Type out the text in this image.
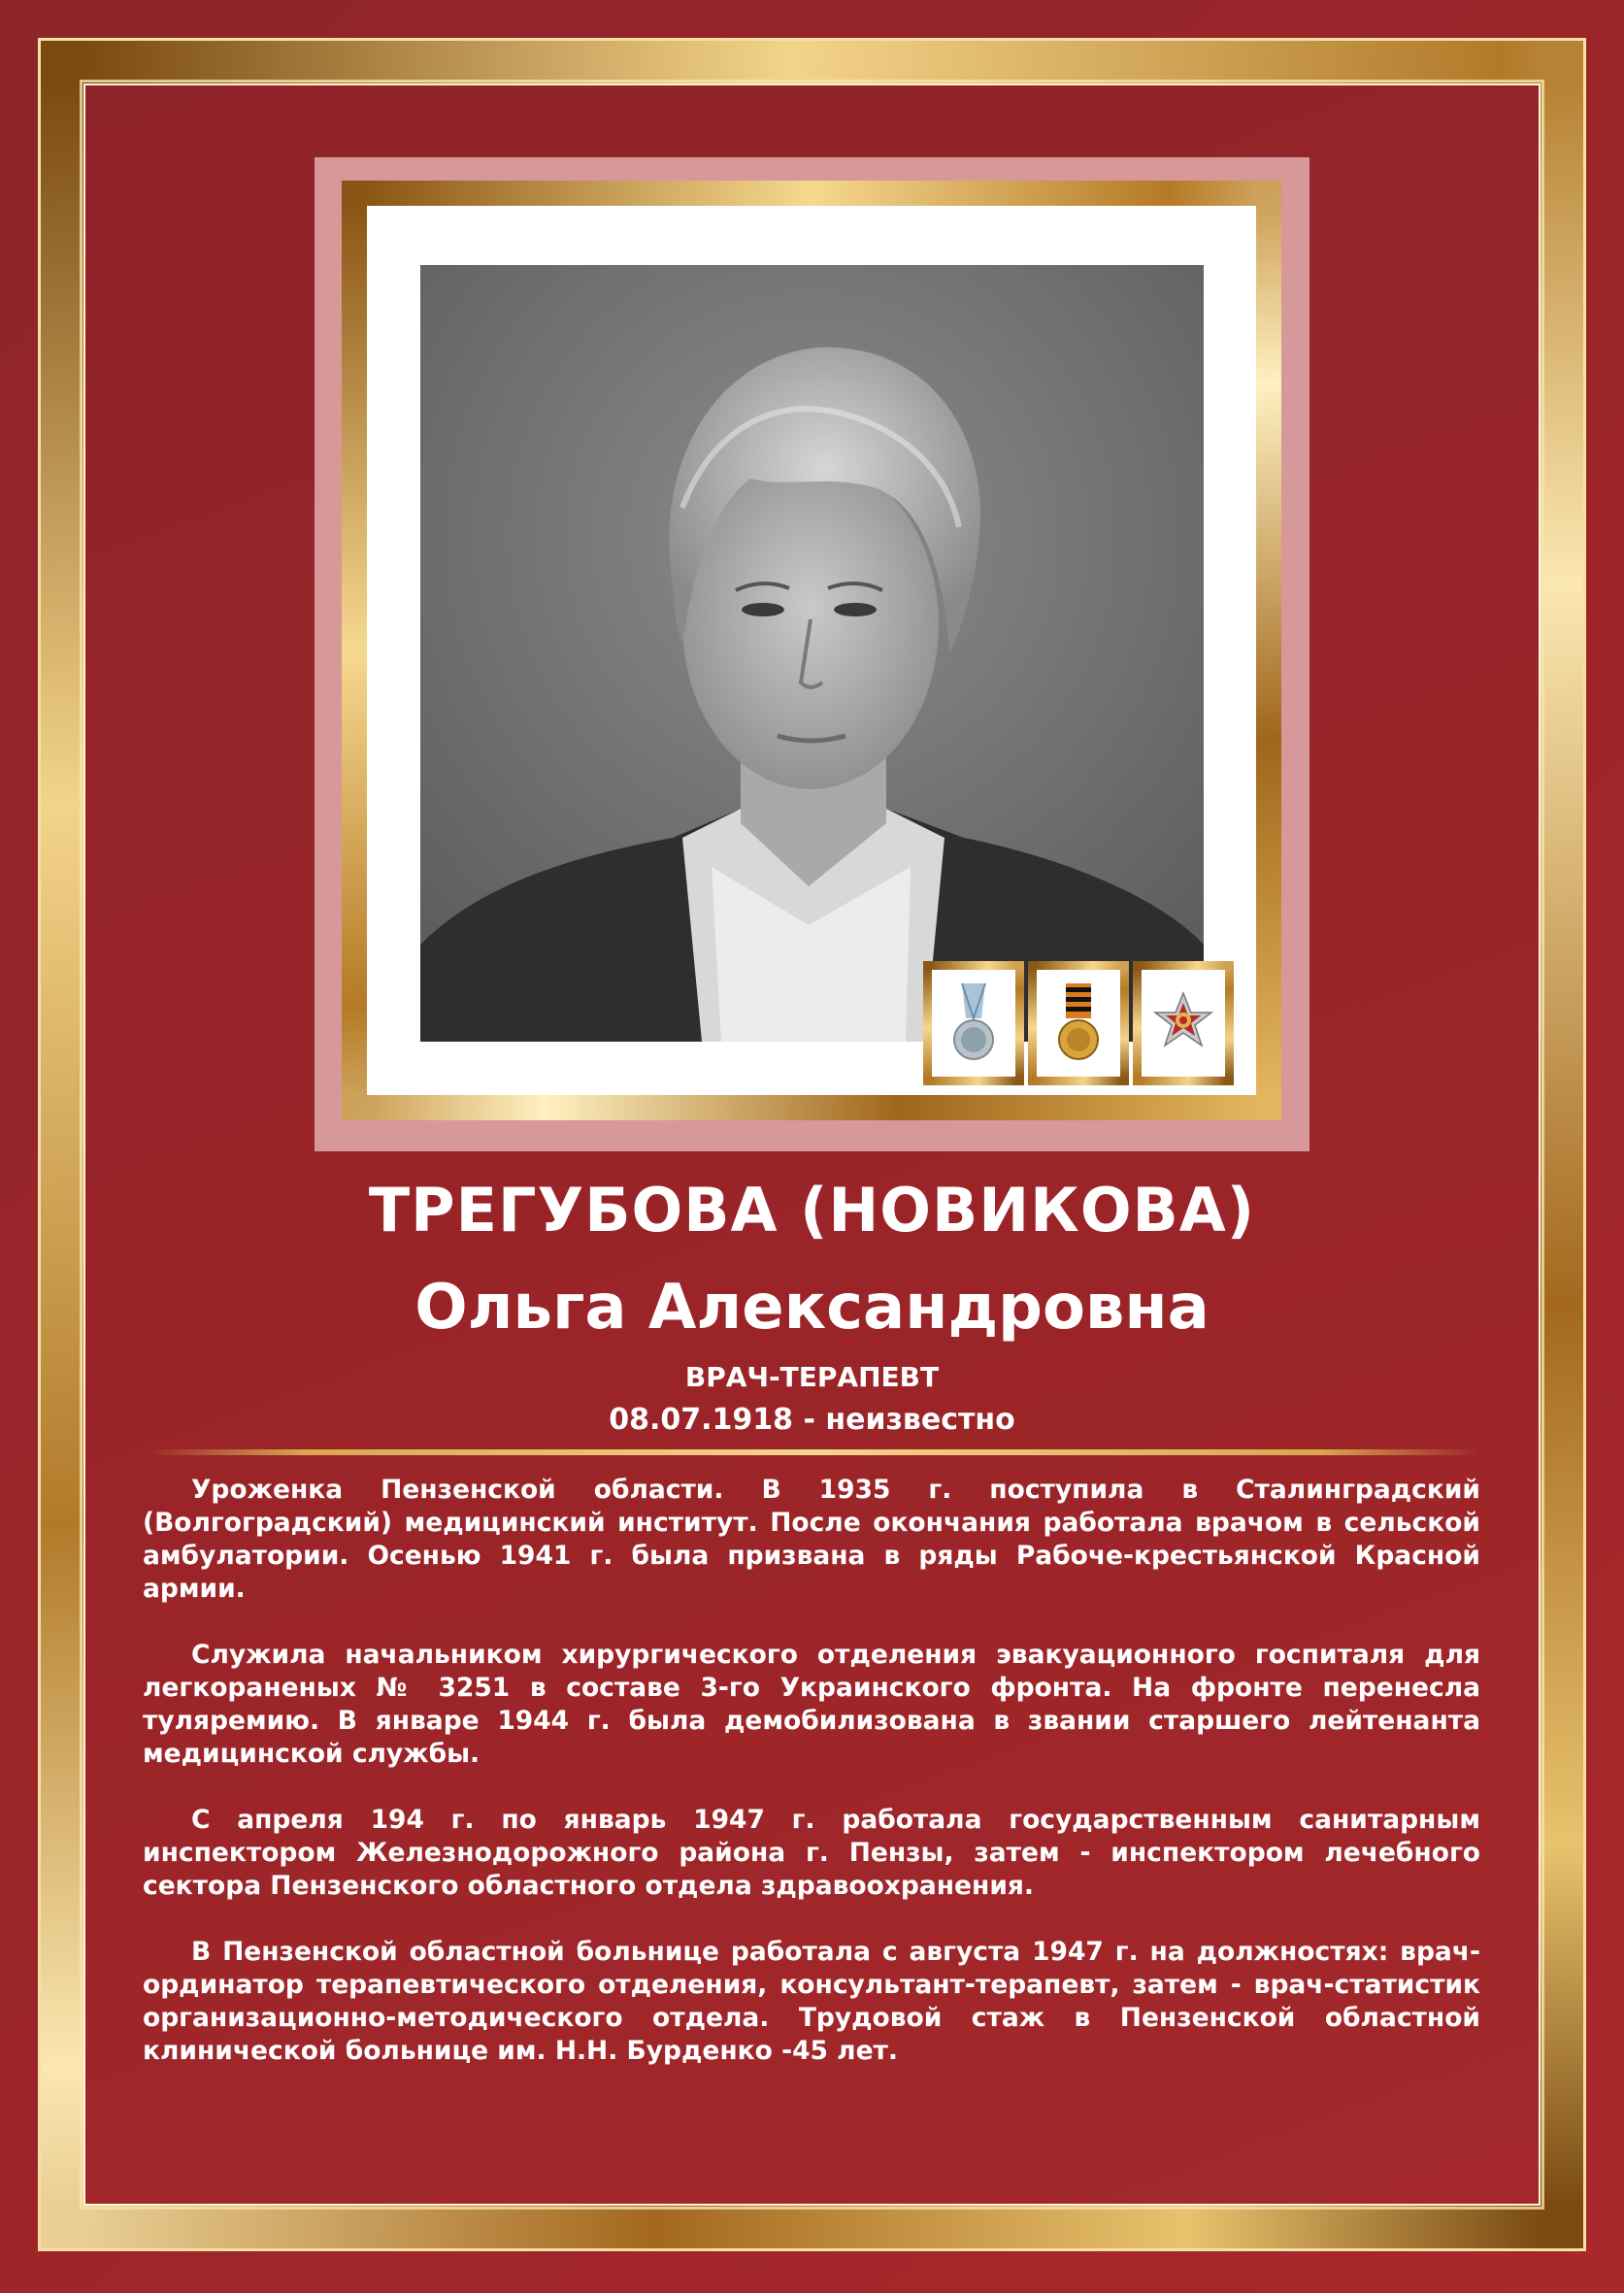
ТРЕГУБОВА (НОВИКОВА)
Ольга Александровна
ВРАЧ-ТЕРАПЕВТ
08.07.1918 - неизвестно

Уроженка Пензенской области. В 1935 г. поступила в Сталинградский (Волгоградский) медицинский институт. После окончания работала врачом в сельской амбулатории. Осенью 1941 г. была призвана в ряды Рабоче-крестьянской Красной армии.

Служила начальником хирургического отделения эвакуационного госпиталя для легкораненых № 3251 в составе 3-го Украинского фронта. На фронте перенесла туляремию. В январе 1944 г. была демобилизована в звании старшего лейтенанта медицинской службы.

С апреля 194 г. по январь 1947 г. работала государственным санитарным инспектором Железнодорожного района г. Пензы, затем - инспектором лечебного сектора Пензенского областного отдела здравоохранения.

В Пензенской областной больнице работала с августа 1947 г. на должностях: врач-ординатор терапевтического отделения, консультант-терапевт, затем - врач-статистик организационно-методического отдела. Трудовой стаж в Пензенской областной клинической больнице им. Н.Н. Бурденко -45 лет.
